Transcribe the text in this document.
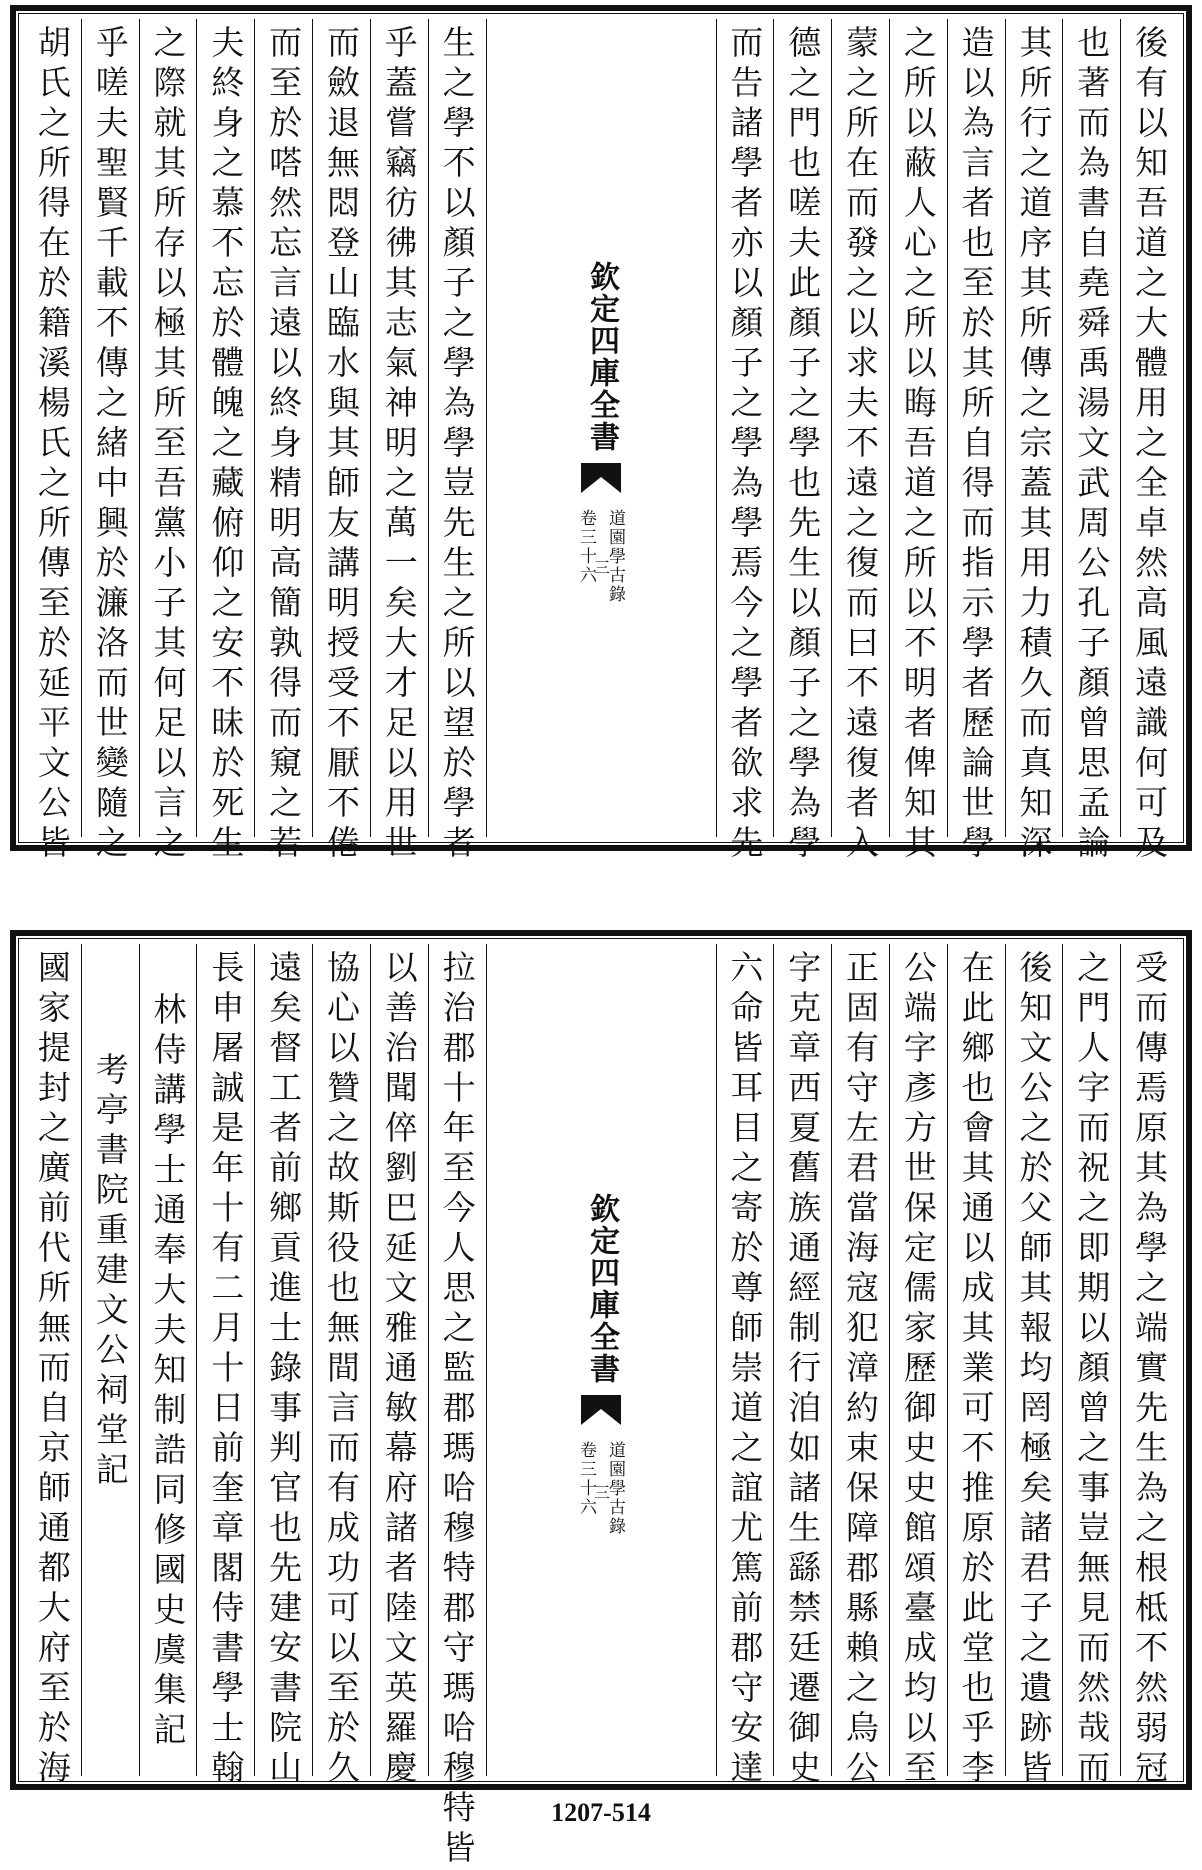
後有以知吾道之大體用之全卓然高風遠識何可及
也著而為書自堯舜禹湯文武周公孔子顏曾思孟論
其所行之道序其所傳之宗蓋其用力積久而真知深
造以為言者也至於其所自得而指示學者歷論世學
之所以蔽人心之所以晦吾道之所以不明者俾知其
蒙之所在而發之以求夫不遠之復而曰不遠復者入
德之門也嗟夫此顏子之學也先生以顏子之學為學
而告諸學者亦以顏子之學為學焉今之學者欲求先
欽定四庫全書
道園學古錄
卷三十六
三
生之學不以顏子之學為學豈先生之所以望於學者
乎蓋嘗竊彷彿其志氣神明之萬一矣大才足以用世
而斂退無悶登山臨水與其師友講明授受不厭不倦
而至於嗒然忘言遠以終身精明高簡孰得而窺之若
夫終身之慕不忘於體魄之藏俯仰之安不昧於死生
之際就其所存以極其所至吾黨小子其何足以言之
乎嗟夫聖賢千載不傳之緒中興於濂洛而世變隨之
胡氏之所得在於籍溪楊氏之所傳至於延平文公皆
受而傳焉原其為學之端實先生為之根柢不然弱冠
之門人字而祝之即期以顏曾之事豈無見而然哉而
後知文公之於父師其報均罔極矣諸君子之遺跡皆
在此鄉也會其通以成其業可不推原於此堂也乎李
公端字彥方世保定儒家歷御史史館頌臺成均以至
正固有守左君當海寇犯漳約束保障郡縣賴之烏公
字克章西夏舊族通經制行洎如諸生繇禁廷遷御史
六命皆耳目之寄於尊師崇道之誼尤篤前郡守安達
欽定四庫全書
道園學古錄
卷三十六
三
拉治郡十年至今人思之監郡瑪哈穆特郡守瑪哈穆特皆
以善治聞倅劉巴延文雅通敏幕府諸者陸文英羅慶
協心以贊之故斯役也無間言而有成功可以至於久
遠矣督工者前鄉貢進士錄事判官也先建安書院山
長申屠誠是年十有二月十日前奎章閣侍書學士翰
林侍講學士通奉大夫知制誥同修國史虞集記
考亭書院重建文公祠堂記
國家提封之廣前代所無而自京師通都大府至於海
1207-514
